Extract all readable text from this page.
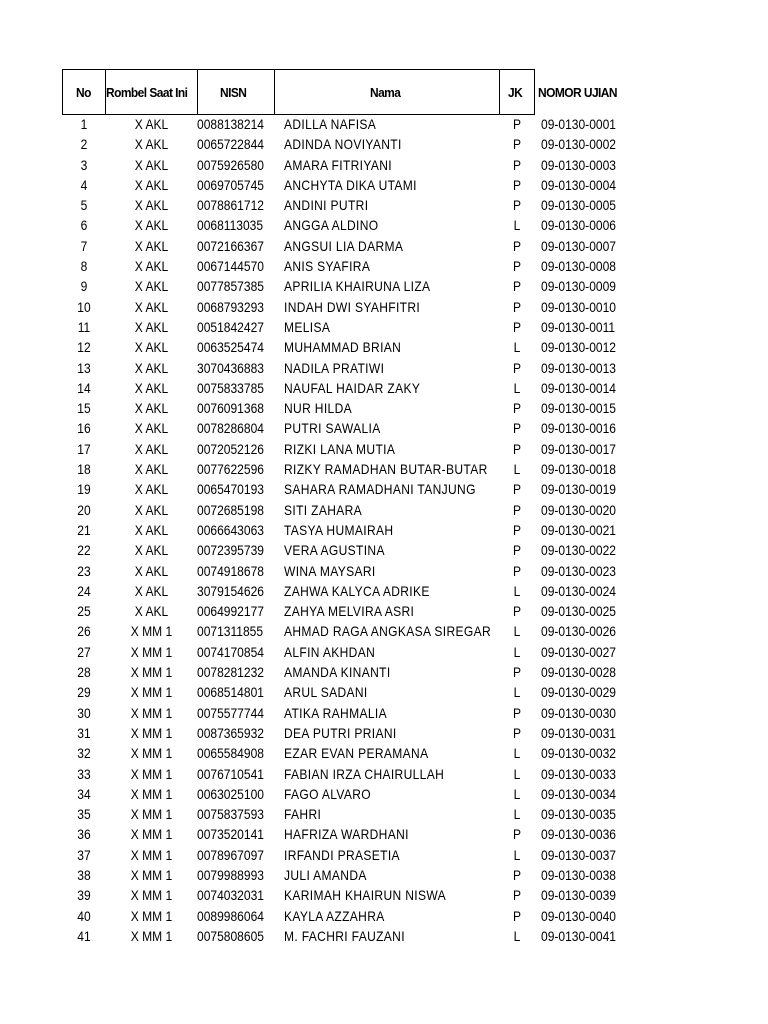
No Rombel Saat Ini	NISN	Nama	JK NOMOR UJIAN
1	X AKL	0088138214 ADILLA NAFISA	P	09-0130-0001
2	X AKL	0065722844 ADINDA NOVIYANTI	P	09-0130-0002
3	X AKL	0075926580 AMARA FITRIYANI	P	09-0130-0003
4	X AKL	0069705745 ANCHYTA DIKA UTAMI	P	09-0130-0004
5	X AKL	0078861712 ANDINI PUTRI	P	09-0130-0005
6	X AKL	0068113035 ANGGA ALDINO	L	09-0130-0006
7	X AKL	0072166367 ANGSUI LIA DARMA	P	09-0130-0007
8	X AKL	0067144570 ANIS SYAFIRA	P	09-0130-0008
9	X AKL	0077857385 APRILIA KHAIRUNA LIZA	P	09-0130-0009
10	X AKL	0068793293 INDAH DWI SYAHFITRI	P	09-0130-0010
11	X AKL	0051842427 MELISA	P	09-0130-0011
12	X AKL	0063525474 MUHAMMAD BRIAN	L	09-0130-0012
13	X AKL	3070436883 NADILA PRATIWI	P	09-0130-0013
14	X AKL	0075833785 NAUFAL HAIDAR ZAKY	L	09-0130-0014
15	X AKL	0076091368 NUR HILDA	P	09-0130-0015
16	X AKL	0078286804 PUTRI SAWALIA	P	09-0130-0016
17	X AKL	0072052126 RIZKI LANA MUTIA	P	09-0130-0017
18	X AKL	0077622596 RIZKY RAMADHAN BUTAR-BUTAR	L	09-0130-0018
19	X AKL	0065470193 SAHARA RAMADHANI TANJUNG	P	09-0130-0019
20	X AKL	0072685198 SITI ZAHARA	P	09-0130-0020
21	X AKL	0066643063 TASYA HUMAIRAH	P	09-0130-0021
22	X AKL	0072395739 VERA AGUSTINA	P	09-0130-0022
23	X AKL	0074918678 WINA MAYSARI	P	09-0130-0023
24	X AKL	3079154626 ZAHWA KALYCA ADRIKE	L	09-0130-0024
25	X AKL	0064992177 ZAHYA MELVIRA ASRI	P	09-0130-0025
26	X MM 1	0071311855 AHMAD RAGA ANGKASA SIREGAR	L	09-0130-0026
27	X MM 1	0074170854 ALFIN AKHDAN	L	09-0130-0027
28	X MM 1	0078281232 AMANDA KINANTI	P	09-0130-0028
29	X MM 1	0068514801 ARUL SADANI	L	09-0130-0029
30	X MM 1	0075577744 ATIKA RAHMALIA	P	09-0130-0030
31	X MM 1	0087365932 DEA PUTRI PRIANI	P	09-0130-0031
32	X MM 1	0065584908 EZAR EVAN PERAMANA	L	09-0130-0032
33	X MM 1	0076710541 FABIAN IRZA CHAIRULLAH	L	09-0130-0033
34	X MM 1	0063025100 FAGO ALVARO	L	09-0130-0034
35	X MM 1	0075837593 FAHRI	L	09-0130-0035
36	X MM 1	0073520141 HAFRIZA WARDHANI	P	09-0130-0036
37	X MM 1	0078967097 IRFANDI PRASETIA	L	09-0130-0037
38	X MM 1	0079988993 JULI AMANDA	P	09-0130-0038
39	X MM 1	0074032031 KARIMAH KHAIRUN NISWA	P	09-0130-0039
40	X MM 1	0089986064 KAYLA AZZAHRA	P	09-0130-0040
41	X MM 1	0075808605 M. FACHRI FAUZANI	L	09-0130-0041
